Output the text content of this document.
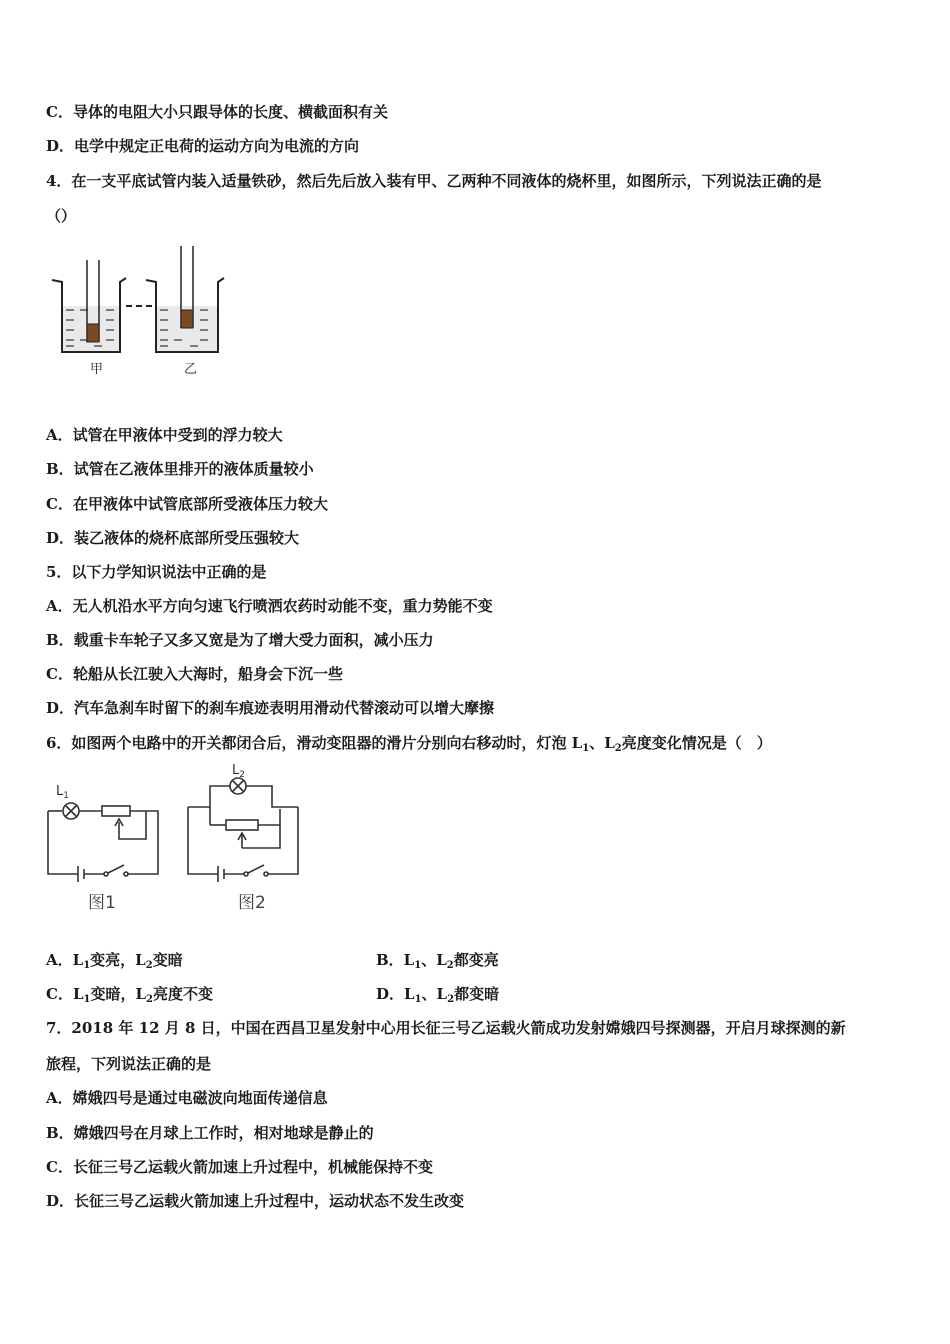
C．导体的电阻大小只跟导体的长度、横截面积有关
D．电学中规定正电荷的运动方向为电流的方向
4．在一支平底试管内装入适量铁砂，然后先后放入装有甲、乙两种不同液体的烧杯里，如图所示，下列说法正确的是
（）
甲	乙
A．试管在甲液体中受到的浮力较大
B．试管在乙液体里排开的液体质量较小
C．在甲液体中试管底部所受液体压力较大
D．装乙液体的烧杯底部所受压强较大
5．以下力学知识说法中正确的是
A．无人机沿水平方向匀速飞行喷洒农药时动能不变，重力势能不变
B．载重卡车轮子又多又宽是为了增大受力面积，减小压力
C．轮船从长江驶入大海时，船身会下沉一些
D．汽车急刹车时留下的刹车痕迹表明用滑动代替滚动可以增大摩擦
6．如图两个电路中的开关都闭合后，滑动变阻器的滑片分别向右移动时，灯泡 $L_1$、$L_2$亮度变化情况是（　）
$L_1$
$L_2$
图1	图2
A．$L_1$变亮，$L_2$变暗	B．$L_1$、$L_2$都变亮
C．$L_1$变暗，$L_2$亮度不变	D．$L_1$、$L_2$都变暗
7．2018 年 12 月 8 日，中国在西昌卫星发射中心用长征三号乙运载火箭成功发射嫦娥四号探测器，开启月球探测的新
旅程，下列说法正确的是
A．嫦娥四号是通过电磁波向地面传递信息
B．嫦娥四号在月球上工作时，相对地球是静止的
C．长征三号乙运载火箭加速上升过程中，机械能保持不变
D．长征三号乙运载火箭加速上升过程中，运动状态不发生改变
